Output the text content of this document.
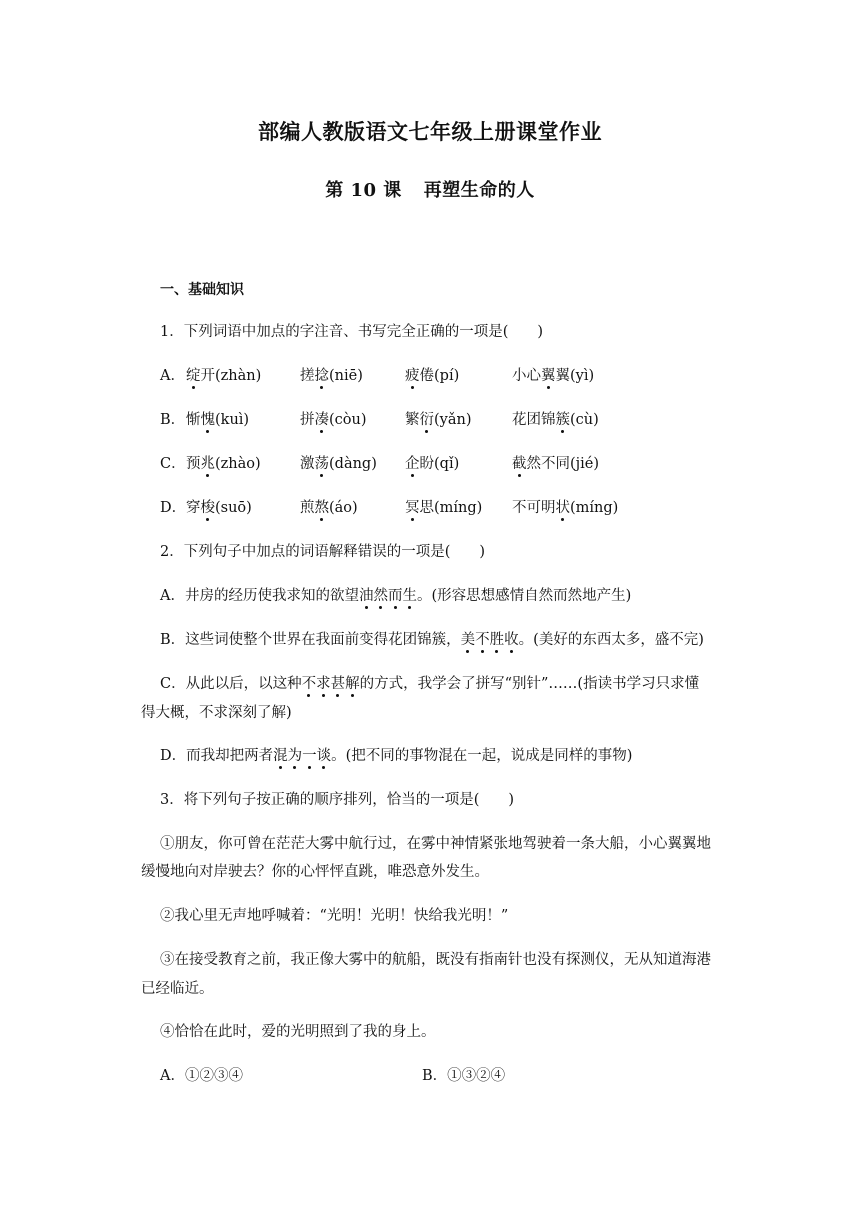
部编人教版语文七年级上册课堂作业
第 10 课 再塑生命的人
一、基础知识
1．下列词语中加点的字注音、书写完全正确的一项是(　　)
A． 绽开(zhàn)	搓捻(niē)	疲倦(pí)	小心翼翼(yì)
B． 惭愧(kuì)	拼凑(còu)	繁衍(yǎn)	花团锦簇(cù)
C． 预兆(zhào)	激荡(dàng) 企盼(qǐ)	截然不同(jié)
D． 穿梭(suō)	煎熬(áo)	冥思(míng) 不可明状(míng)
2．下列句子中加点的词语解释错误的一项是(　　)
A．井房的经历使我求知的欲望油然而生。(形容思想感情自然而然地产生)
B．这些词使整个世界在我面前变得花团锦簇，美不胜收。(美好的东西太多，盛不完)
C．从此以后，以这种不求甚解的方式，我学会了拼写“别针”……(指读书学习只求懂
得大概，不求深刻了解)
D．而我却把两者混为一谈。(把不同的事物混在一起，说成是同样的事物)
3．将下列句子按正确的顺序排列，恰当的一项是(　　)
①朋友，你可曾在茫茫大雾中航行过，在雾中神情紧张地驾驶着一条大船，小心翼翼地
缓慢地向对岸驶去？你的心怦怦直跳，唯恐意外发生。
②我心里无声地呼喊着：“光明！光明！快给我光明！”
③在接受教育之前，我正像大雾中的航船，既没有指南针也没有探测仪，无从知道海港
已经临近。
④恰恰在此时，爱的光明照到了我的身上。
A．①②③④	B．①③②④
